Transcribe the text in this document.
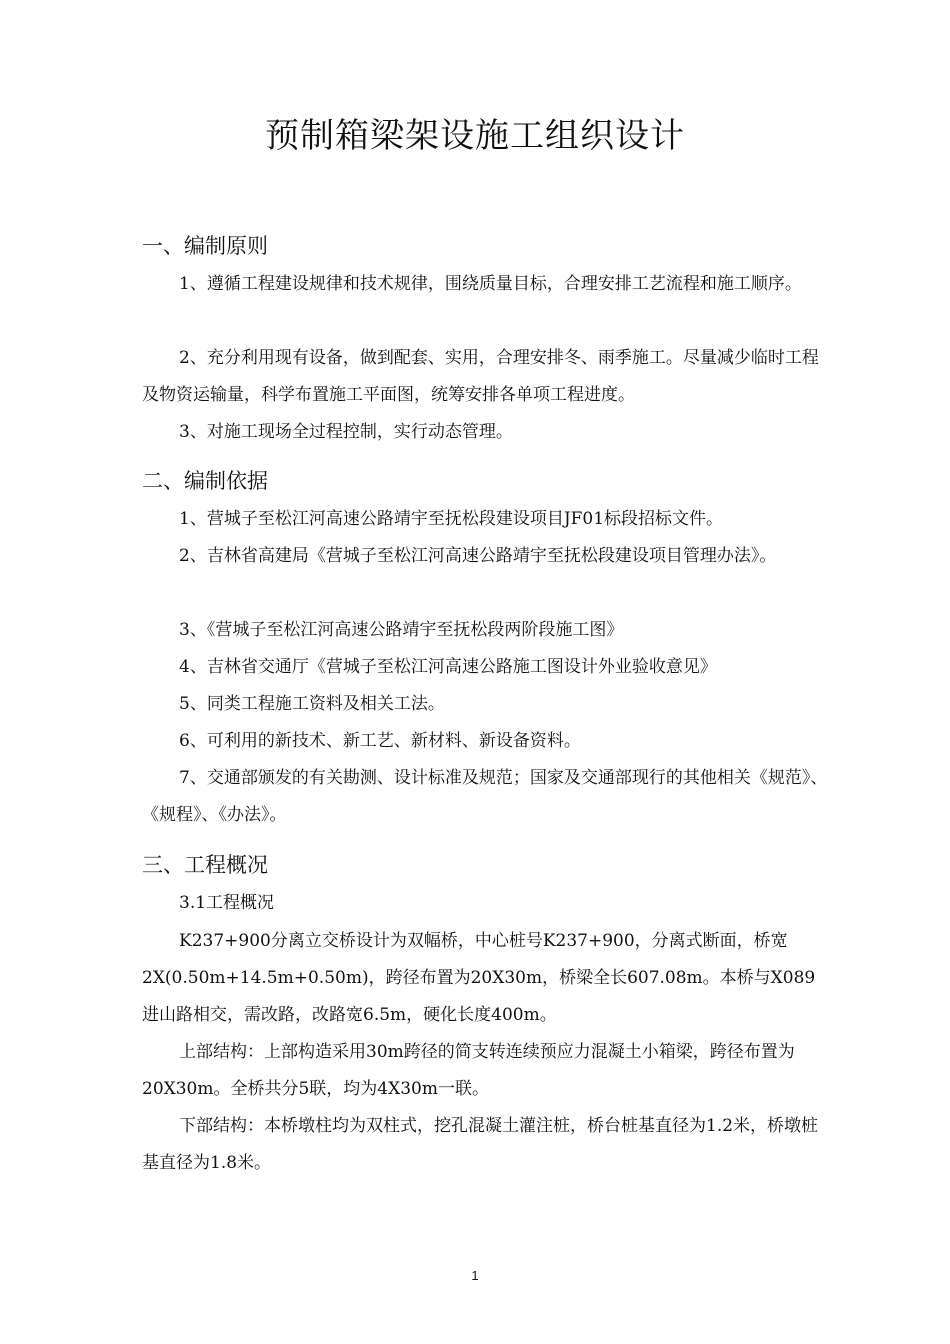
预制箱梁架设施工组织设计
一、编制原则
1、遵循工程建设规律和技术规律，围绕质量目标，合理安排工艺流程和施工顺序。
2、充分利用现有设备，做到配套、实用，合理安排冬、雨季施工。尽量减少临时工程及物资运输量，科学布置施工平面图，统筹安排各单项工程进度。
3、对施工现场全过程控制，实行动态管理。
二、编制依据
1、营城子至松江河高速公路靖宇至抚松段建设项目JF01标段招标文件。
2、吉林省高建局《营城子至松江河高速公路靖宇至抚松段建设项目管理办法》。
3、《营城子至松江河高速公路靖宇至抚松段两阶段施工图》
4、吉林省交通厅《营城子至松江河高速公路施工图设计外业验收意见》
5、同类工程施工资料及相关工法。
6、可利用的新技术、新工艺、新材料、新设备资料。
7、交通部颁发的有关勘测、设计标准及规范；国家及交通部现行的其他相关《规范》、《规程》、《办法》。
三、工程概况
3.1工程概况
K237+900分离立交桥设计为双幅桥，中心桩号K237+900，分离式断面，桥宽2X(0.50m+14.5m+0.50m)，跨径布置为20X30m，桥梁全长607.08m。本桥与X089进山路相交，需改路，改路宽6.5m，硬化长度400m。
上部结构：上部构造采用30m跨径的简支转连续预应力混凝土小箱梁，跨径布置为20X30m。全桥共分5联，均为4X30m一联。
下部结构：本桥墩柱均为双柱式，挖孔混凝土灌注桩，桥台桩基直径为1.2米，桥墩桩基直径为1.8米。
1
